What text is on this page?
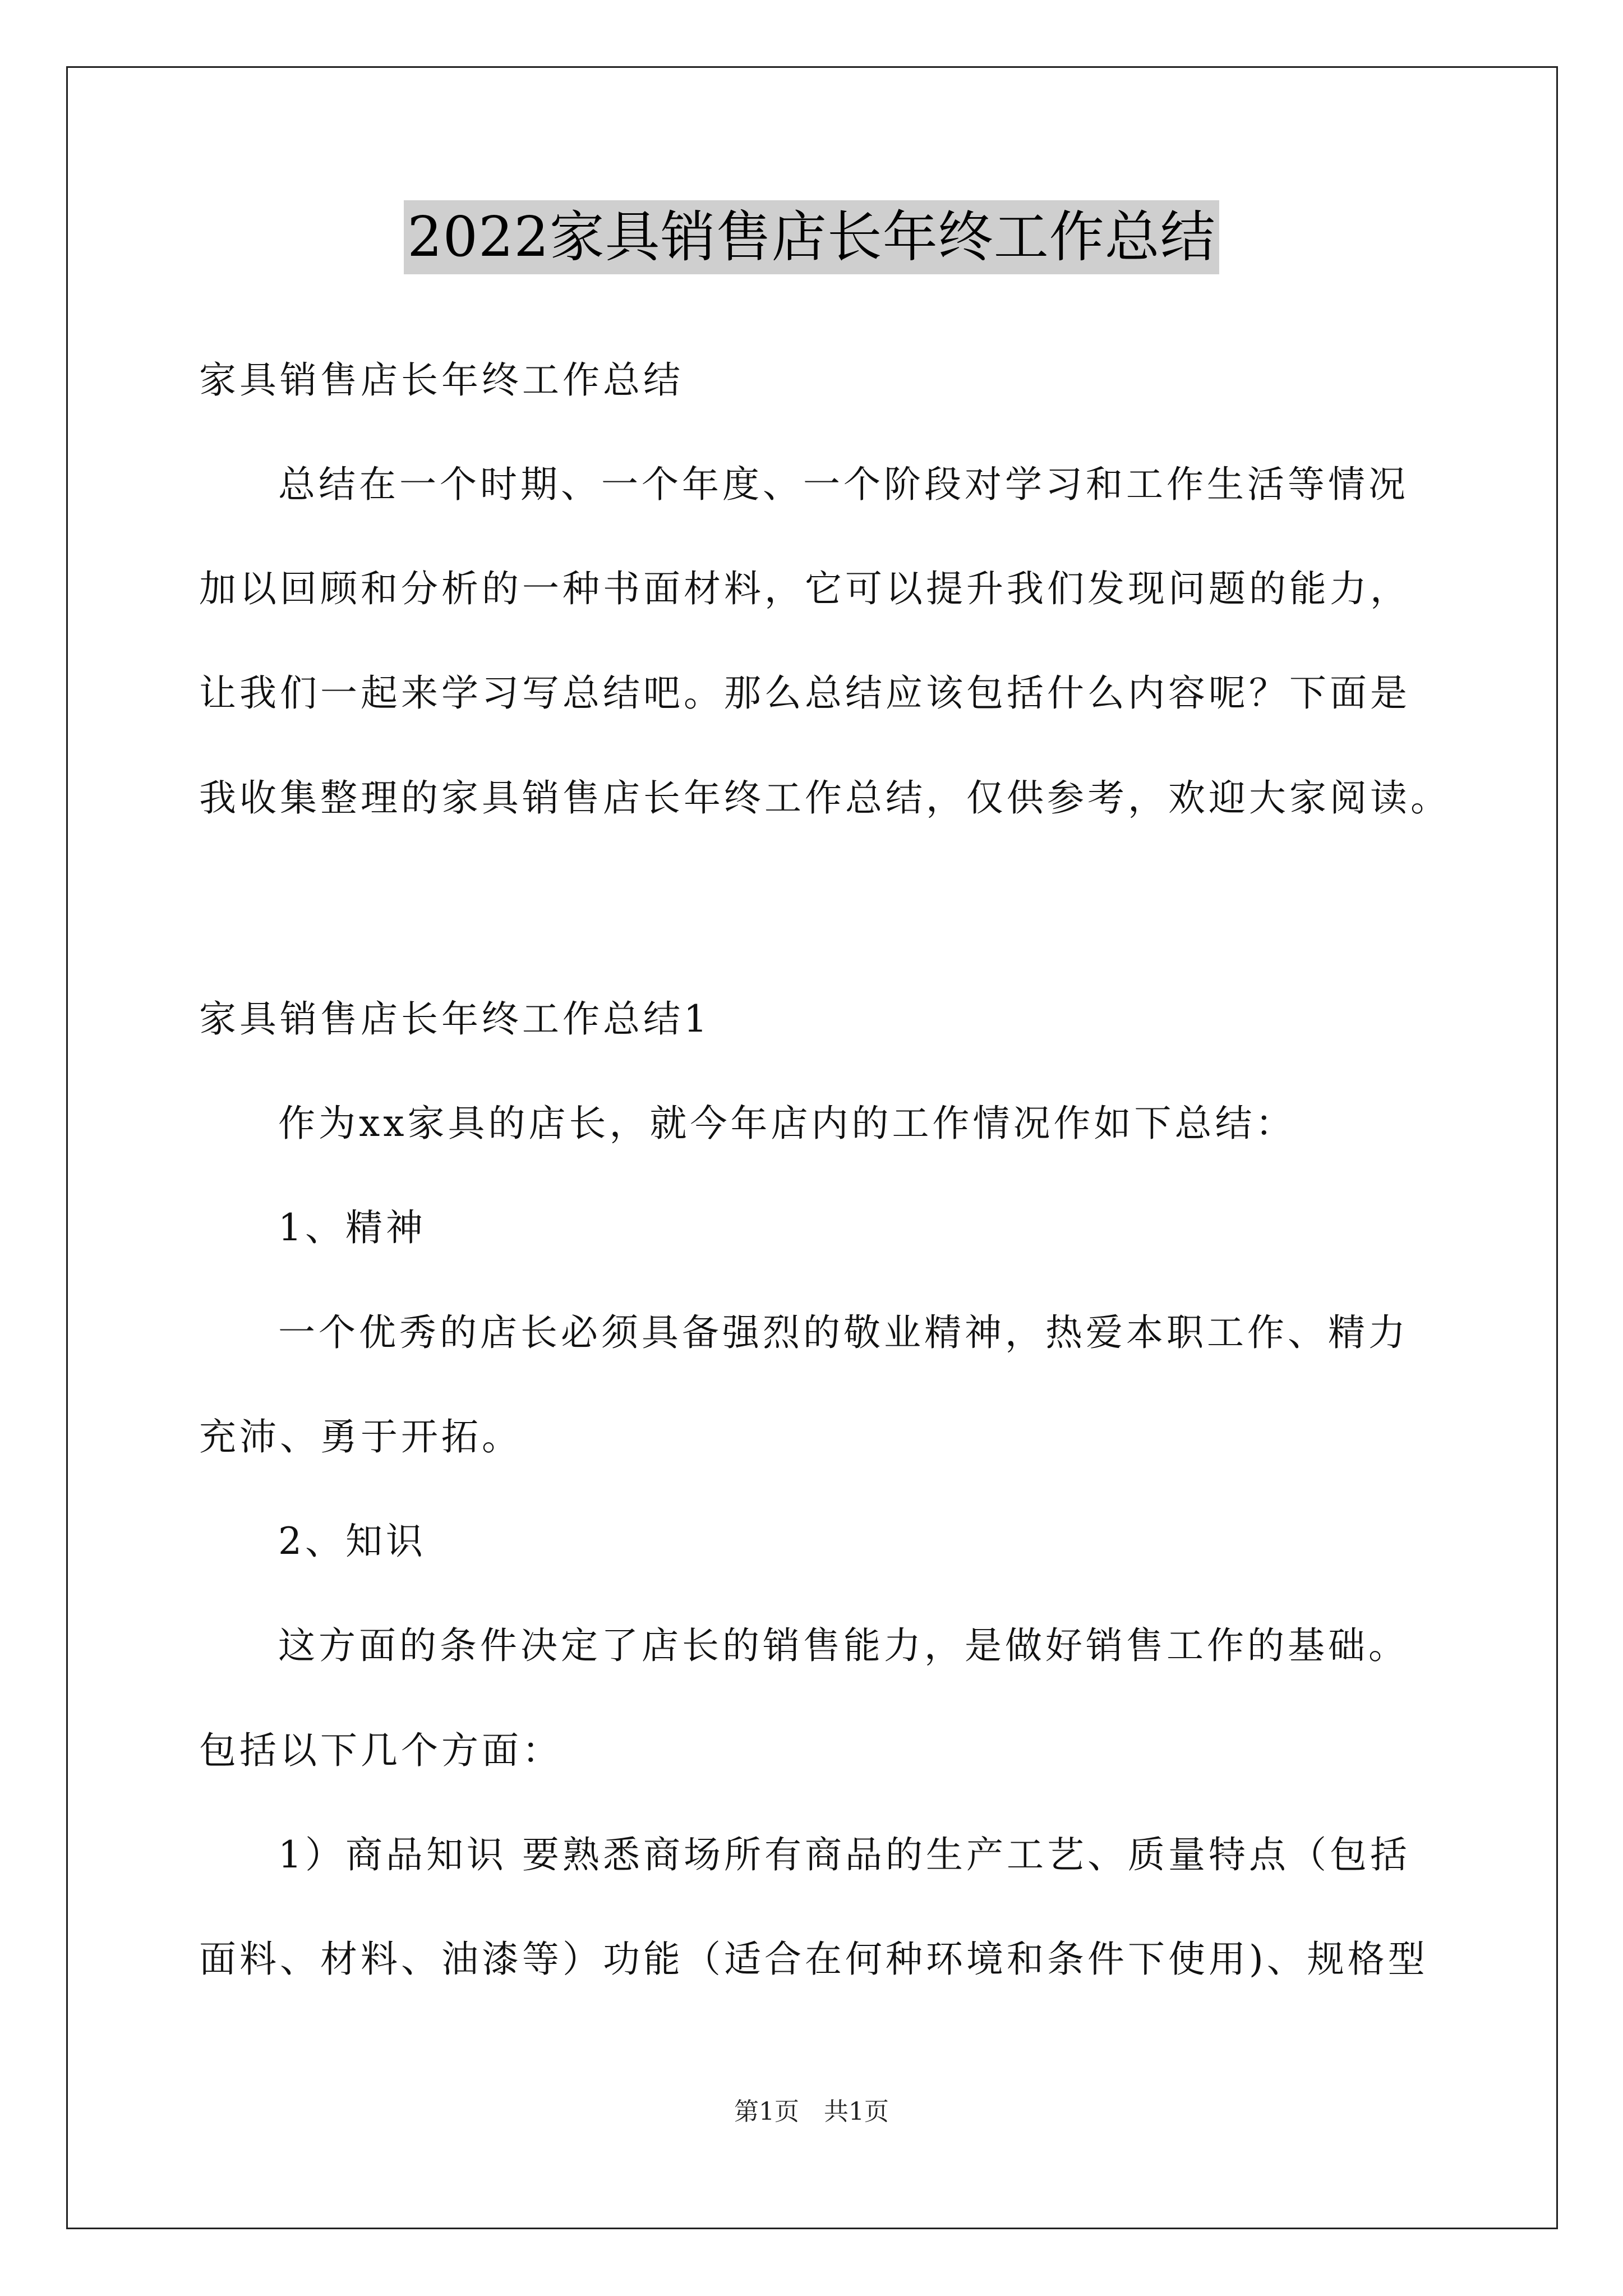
2022家具销售店长年终工作总结
家具销售店长年终工作总结
总结在一个时期、一个年度、一个阶段对学习和工作生活等情况
加以回顾和分析的一种书面材料，它可以提升我们发现问题的能力，
让我们一起来学习写总结吧。那么总结应该包括什么内容呢？下面是
我收集整理的家具销售店长年终工作总结，仅供参考，欢迎大家阅读。
家具销售店长年终工作总结1
作为xx家具的店长，就今年店内的工作情况作如下总结：
1、精神
一个优秀的店长必须具备强烈的敬业精神，热爱本职工作、精力
充沛、勇于开拓。
2、知识
这方面的条件决定了店长的销售能力，是做好销售工作的基础。
包括以下几个方面：
1）商品知识 要熟悉商场所有商品的生产工艺、质量特点（包括
面料、材料、油漆等）功能（适合在何种环境和条件下使用)、规格型
第1页　共1页
